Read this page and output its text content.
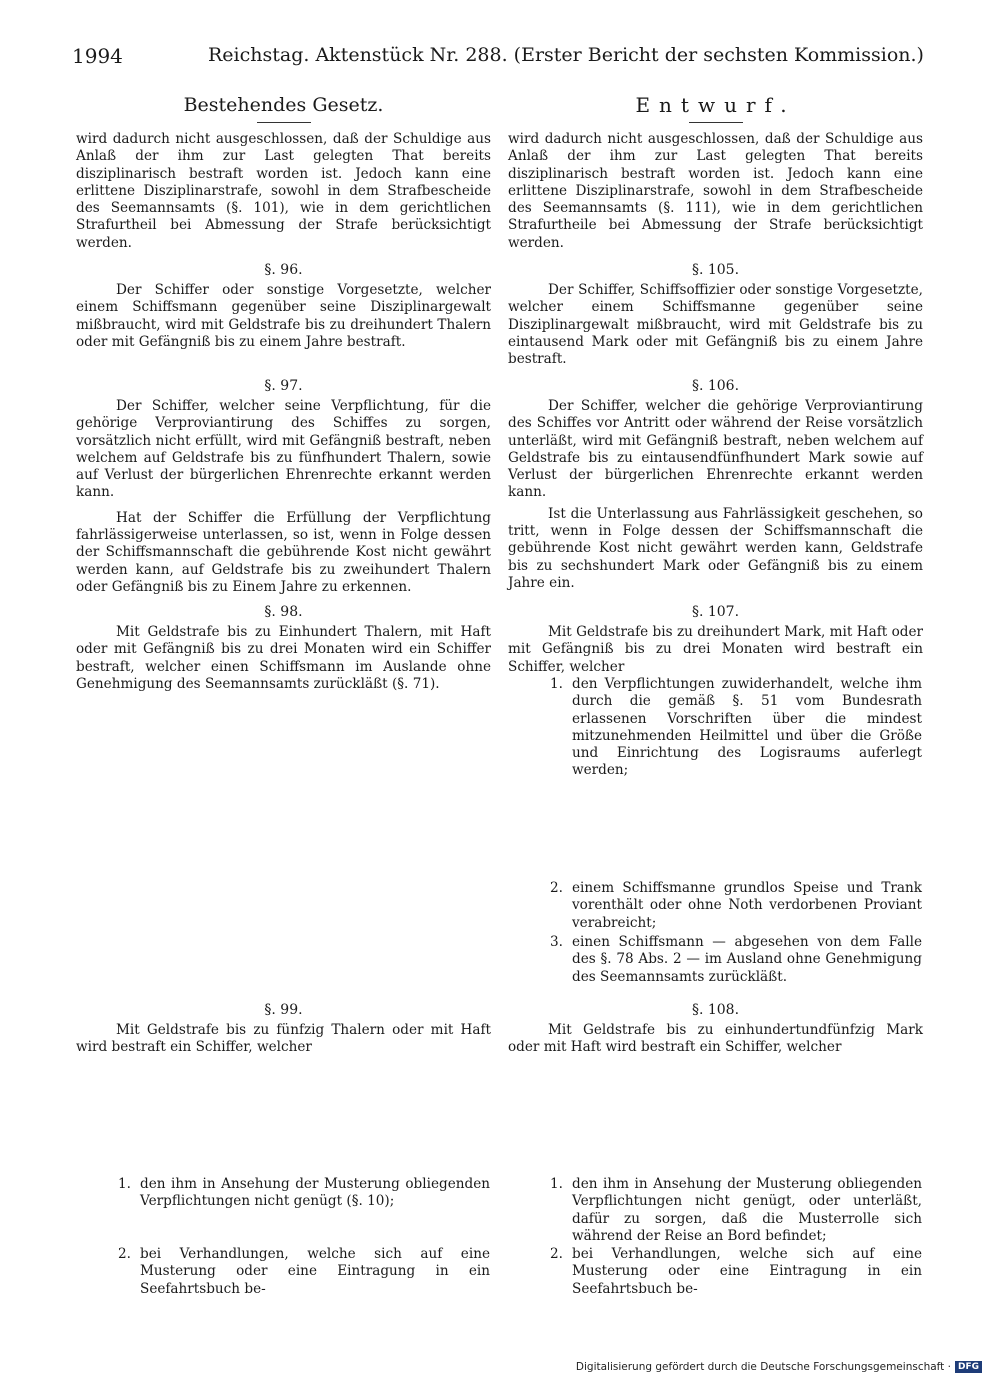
1994	Reichstag. Aktenstück Nr. 288. (Erster Bericht der sechsten Kommission.)
Bestehendes Gesetz.

wird dadurch nicht ausgeschlossen, daß der Schuldige aus Anlaß der ihm zur Last gelegten That bereits disziplinarisch bestraft worden ist. Jedoch kann eine erlittene Disziplinarstrafe, sowohl in dem Strafbescheide des Seemannsamts (§. 101), wie in dem gerichtlichen Strafurtheil bei Abmessung der Strafe berücksichtigt werden.

§. 96.

Der Schiffer oder sonstige Vorgesetzte, welcher einem Schiffsmann gegenüber seine Disziplinargewalt mißbraucht, wird mit Geldstrafe bis zu dreihundert Thalern oder mit Gefängniß bis zu einem Jahre bestraft.

§. 97.

Der Schiffer, welcher seine Verpflichtung, für die gehörige Verproviantirung des Schiffes zu sorgen, vorsätzlich nicht erfüllt, wird mit Gefängniß bestraft, neben welchem auf Geldstrafe bis zu fünfhundert Thalern, sowie auf Verlust der bürgerlichen Ehrenrechte erkannt werden kann.

Hat der Schiffer die Erfüllung der Verpflichtung fahrlässigerweise unterlassen, so ist, wenn in Folge dessen der Schiffsmannschaft die gebührende Kost nicht gewährt werden kann, auf Geldstrafe bis zu zweihundert Thalern oder Gefängniß bis zu Einem Jahre zu erkennen.

§. 98.

Mit Geldstrafe bis zu Einhundert Thalern, mit Haft oder mit Gefängniß bis zu drei Monaten wird ein Schiffer bestraft, welcher einen Schiffsmann im Auslande ohne Genehmigung des Seemannsamts zurückläßt (§. 71).

§. 99.

Mit Geldstrafe bis zu fünfzig Thalern oder mit Haft wird bestraft ein Schiffer, welcher

1. den ihm in Ansehung der Musterung obliegenden Verpflichtungen nicht genügt (§. 10);
2. bei Verhandlungen, welche sich auf eine Musterung oder eine Eintragung in ein Seefahrtsbuch be-
Entwurf.

wird dadurch nicht ausgeschlossen, daß der Schuldige aus Anlaß der ihm zur Last gelegten That bereits disziplinarisch bestraft worden ist. Jedoch kann eine erlittene Disziplinarstrafe, sowohl in dem Strafbescheide des Seemannsamts (§. 111), wie in dem gerichtlichen Strafurtheile bei Abmessung der Strafe berücksichtigt werden.

§. 105.

Der Schiffer, Schiffsoffizier oder sonstige Vorgesetzte, welcher einem Schiffsmanne gegenüber seine Disziplinargewalt mißbraucht, wird mit Geldstrafe bis zu eintausend Mark oder mit Gefängniß bis zu einem Jahre bestraft.

§. 106.

Der Schiffer, welcher die gehörige Verproviantirung des Schiffes vor Antritt oder während der Reise vorsätzlich unterläßt, wird mit Gefängniß bestraft, neben welchem auf Geldstrafe bis zu eintausendfünfhundert Mark sowie auf Verlust der bürgerlichen Ehrenrechte erkannt werden kann.

Ist die Unterlassung aus Fahrlässigkeit geschehen, so tritt, wenn in Folge dessen der Schiffsmannschaft die gebührende Kost nicht gewährt werden kann, Geldstrafe bis zu sechshundert Mark oder Gefängniß bis zu einem Jahre ein.

§. 107.

Mit Geldstrafe bis zu dreihundert Mark, mit Haft oder mit Gefängniß bis zu drei Monaten wird bestraft ein Schiffer, welcher

1. den Verpflichtungen zuwiderhandelt, welche ihm durch die gemäß §. 51 vom Bundesrath erlassenen Vorschriften über die mindest mitzunehmenden Heilmittel und über die Größe und Einrichtung des Logisraums auferlegt werden;
2. einem Schiffsmanne grundlos Speise und Trank vorenthält oder ohne Noth verdorbenen Proviant verabreicht;
3. einen Schiffsmann — abgesehen von dem Falle des §. 78 Abs. 2 — im Ausland ohne Genehmigung des Seemannsamts zurückläßt.
§. 108.

Mit Geldstrafe bis zu einhundertundfünfzig Mark oder mit Haft wird bestraft ein Schiffer, welcher

1. den ihm in Ansehung der Musterung obliegenden Verpflichtungen nicht genügt, oder unterläßt, dafür zu sorgen, daß die Musterrolle sich während der Reise an Bord befindet;
2. bei Verhandlungen, welche sich auf eine Musterung oder eine Eintragung in ein Seefahrtsbuch be-
Digitalisierung gefördert durch die Deutsche Forschungsgemeinschaft · DFG
